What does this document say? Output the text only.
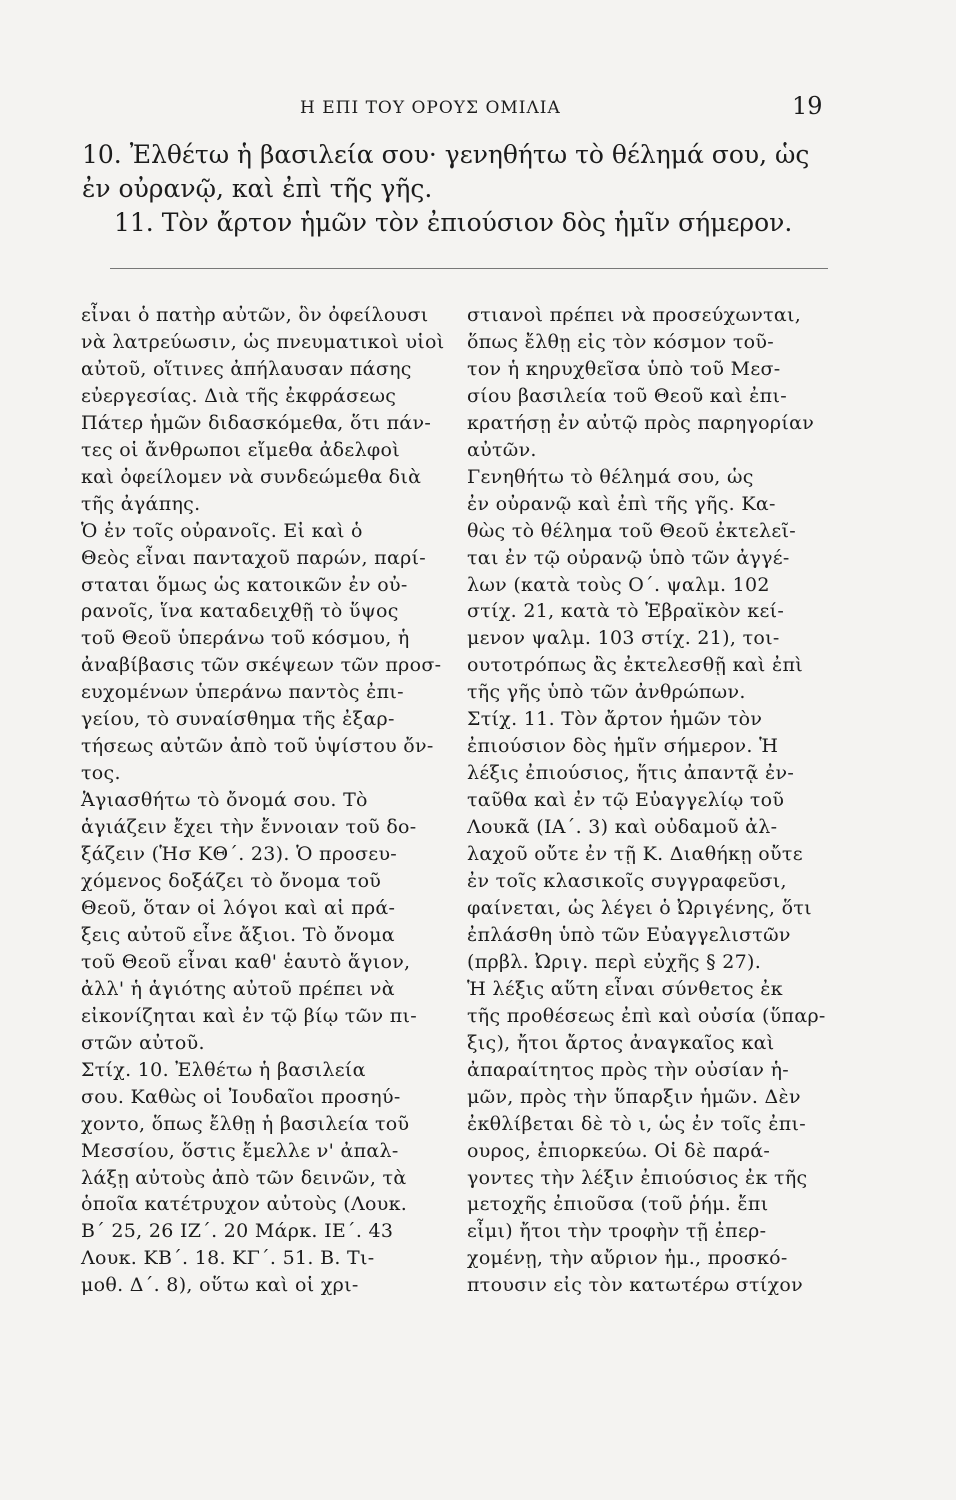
Η ΕΠΙ ΤΟΥ ΟΡΟΥΣ ΟΜΙΛΙΑ	19

10. Ἐλθέτω ἡ βασιλεία σου· γενηθήτω τὸ θέλημά σου, ὡς

ἐν οὐρανῷ, καὶ ἐπὶ τῆς γῆς.

11. Τὸν ἄρτον ἡμῶν τὸν ἐπιούσιον δὸς ἡμῖν σήμερον.

εἶναι ὁ πατὴρ αὐτῶν, ὃν ὀφείλουσι

νὰ λατρεύωσιν, ὡς πνευματικοὶ υἱοὶ

αὐτοῦ, οἵτινες ἀπήλαυσαν πάσης

εὐεργεσίας. Διὰ τῆς ἐκφράσεως

Πάτερ ἡμῶν διδασκόμεθα, ὅτι πάν-

τες οἱ ἄνθρωποι εἴμεθα ἀδελφοὶ

καὶ ὀφείλομεν νὰ συνδεώμεθα διὰ

τῆς ἀγάπης.

Ὁ ἐν τοῖς οὐρανοῖς. Εἰ καὶ ὁ

Θεὸς εἶναι πανταχοῦ παρών, παρί-

σταται ὅμως ὡς κατοικῶν ἐν οὐ-

ρανοῖς, ἵνα καταδειχθῇ τὸ ὕψος

τοῦ Θεοῦ ὑπεράνω τοῦ κόσμου, ἡ

ἀναβίβασις τῶν σκέψεων τῶν προσ-

ευχομένων ὑπεράνω παντὸς ἐπι-

γείου, τὸ συναίσθημα τῆς ἐξαρ-

τήσεως αὐτῶν ἀπὸ τοῦ ὑψίστου ὄν-

τος.

Ἁγιασθήτω τὸ ὄνομά σου. Τὸ

ἁγιάζειν ἔχει τὴν ἔννοιαν τοῦ δο-

ξάζειν (Ἡσ ΚΘ΄. 23). Ὁ προσευ-

χόμενος δοξάζει τὸ ὄνομα τοῦ

Θεοῦ, ὅταν οἱ λόγοι καὶ αἱ πρά-

ξεις αὐτοῦ εἶνε ἄξιοι. Τὸ ὄνομα

τοῦ Θεοῦ εἶναι καθ' ἑαυτὸ ἅγιον,

ἀλλ' ἡ ἁγιότης αὐτοῦ πρέπει νὰ

εἰκονίζηται καὶ ἐν τῷ βίῳ τῶν πι-

στῶν αὐτοῦ.

Στίχ. 10. Ἐλθέτω ἡ βασιλεία

σου. Καθὼς οἱ Ἰουδαῖοι προσηύ-

χοντο, ὅπως ἔλθῃ ἡ βασιλεία τοῦ

Μεσσίου, ὅστις ἔμελλε ν' ἀπαλ-

λάξῃ αὐτοὺς ἀπὸ τῶν δεινῶν, τὰ

ὁποῖα κατέτρυχον αὐτοὺς (Λουκ.

Β΄ 25, 26 ΙΖ΄. 20 Μάρκ. ΙΕ΄. 43

Λουκ. ΚΒ΄. 18. ΚΓ΄. 51. Β. Τι-

μοθ. Δ΄. 8), οὕτω καὶ οἱ χρι-

στιανοὶ πρέπει νὰ προσεύχωνται,

ὅπως ἔλθῃ εἰς τὸν κόσμον τοῦ-

τον ἡ κηρυχθεῖσα ὑπὸ τοῦ Μεσ-

σίου βασιλεία τοῦ Θεοῦ καὶ ἐπι-

κρατήσῃ ἐν αὐτῷ πρὸς παρηγορίαν

αὐτῶν.

Γενηθήτω τὸ θέλημά σου, ὡς

ἐν οὐρανῷ καὶ ἐπὶ τῆς γῆς. Κα-

θὼς τὸ θέλημα τοῦ Θεοῦ ἐκτελεῖ-

ται ἐν τῷ οὐρανῷ ὑπὸ τῶν ἀγγέ-

λων (κατὰ τοὺς Ο΄. ψαλμ. 102

στίχ. 21, κατὰ τὸ Ἑβραϊκὸν κεί-

μενον ψαλμ. 103 στίχ. 21), τοι-

ουτοτρόπως ἂς ἐκτελεσθῇ καὶ ἐπὶ

τῆς γῆς ὑπὸ τῶν ἀνθρώπων.

Στίχ. 11. Τὸν ἄρτον ἡμῶν τὸν

ἐπιούσιον δὸς ἡμῖν σήμερον. Ἡ

λέξις ἐπιούσιος, ἥτις ἀπαντᾷ ἐν-

ταῦθα καὶ ἐν τῷ Εὐαγγελίῳ τοῦ

Λουκᾶ (ΙΑ΄. 3) καὶ οὐδαμοῦ ἀλ-

λαχοῦ οὔτε ἐν τῇ Κ. Διαθήκῃ οὔτε

ἐν τοῖς κλασικοῖς συγγραφεῦσι,

φαίνεται, ὡς λέγει ὁ Ὠριγένης, ὅτι

ἐπλάσθη ὑπὸ τῶν Εὐαγγελιστῶν

(πρβλ. Ὠριγ. περὶ εὐχῆς § 27).

Ἡ λέξις αὕτη εἶναι σύνθετος ἐκ

τῆς προθέσεως ἐπὶ καὶ οὐσία (ὕπαρ-

ξις), ἤτοι ἄρτος ἀναγκαῖος καὶ

ἀπαραίτητος πρὸς τὴν οὐσίαν ἡ-

μῶν, πρὸς τὴν ὕπαρξιν ἡμῶν. Δὲν

ἐκθλίβεται δὲ τὸ ι, ὡς ἐν τοῖς ἐπι-

ουρος, ἐπιορκεύω. Οἱ δὲ παρά-

γοντες τὴν λέξιν ἐπιούσιος ἐκ τῆς

μετοχῆς ἐπιοῦσα (τοῦ ῥήμ. ἔπι

εἶμι) ἤτοι τὴν τροφὴν τῇ ἐπερ-

χομένῃ, τὴν αὔριον ἡμ., προσκό-

πτουσιν εἰς τὸν κατωτέρω στίχον
